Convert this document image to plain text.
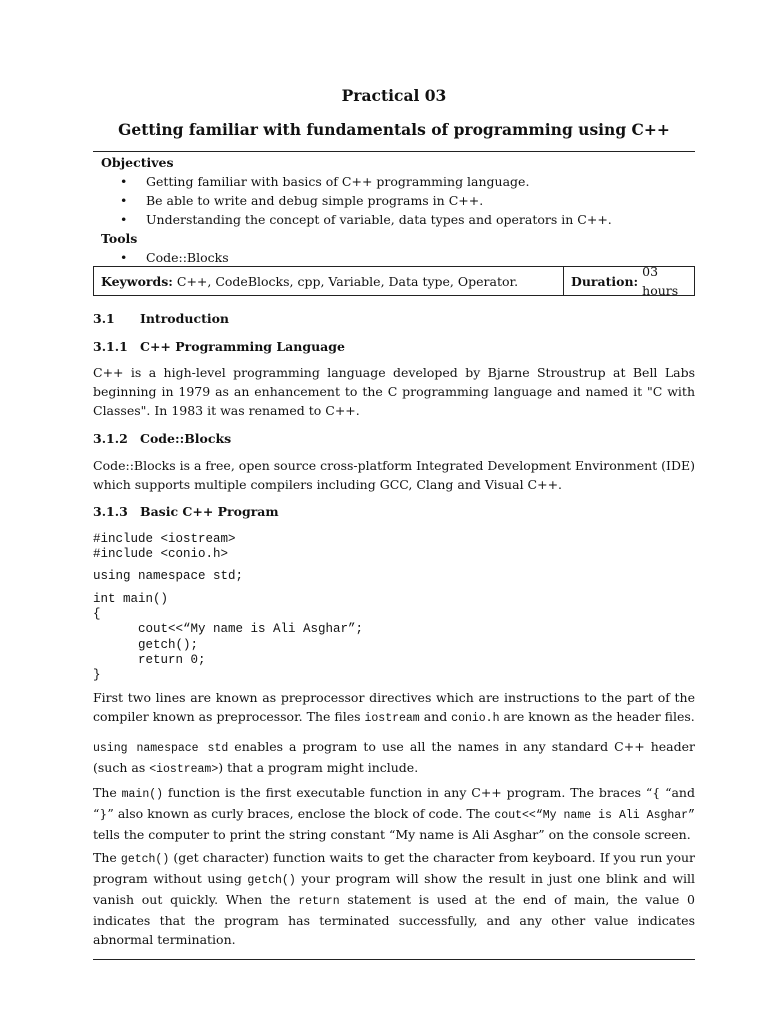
Practical 03
Getting familiar with fundamentals of programming using C++
Objectives
• Getting familiar with basics of C++ programming language.
• Be able to write and debug simple programs in C++.
• Understanding the concept of variable, data types and operators in C++.
Tools
• Code::Blocks
Keywords:
C++, CodeBlocks, cpp, Variable, Data type, Operator.	Duration:

03 hours
3.1 Introduction
3.1.1 C++ Programming Language
C++ is a high-level programming language developed by Bjarne Stroustrup at Bell Labs beginning in 1979 as an enhancement to the C programming language and named it "C with Classes". In 1983 it was renamed to C++.
3.1.2 Code::Blocks
Code::Blocks is a free, open source cross-platform Integrated Development Environment (IDE) which supports multiple compilers including GCC, Clang and Visual C++.
3.1.3 Basic C++ Program
#include <iostream>
#include <conio.h>
using namespace std;
int main()
{
cout<<“My name is Ali Asghar”;
getch();
return 0;
}
First two lines are known as preprocessor directives which are instructions to the part of the compiler known as preprocessor. The files iostream and conio.h are known as the header files.
using namespace std enables a program to use all the names in any standard C++ header (such as <iostream>) that a program might include.
The main() function is the first executable function in any C++ program. The braces “{ “and “}” also known as curly braces, enclose the block of code. The cout<<“My name is Ali Asghar” tells the computer to print the string constant “My name is Ali Asghar” on the console screen.
The getch() (get character) function waits to get the character from keyboard. If you run your program without using getch() your program will show the result in just one blink and will vanish out quickly. When the return statement is used at the end of main, the value 0 indicates that the program has terminated successfully, and any other value indicates abnormal termination.
